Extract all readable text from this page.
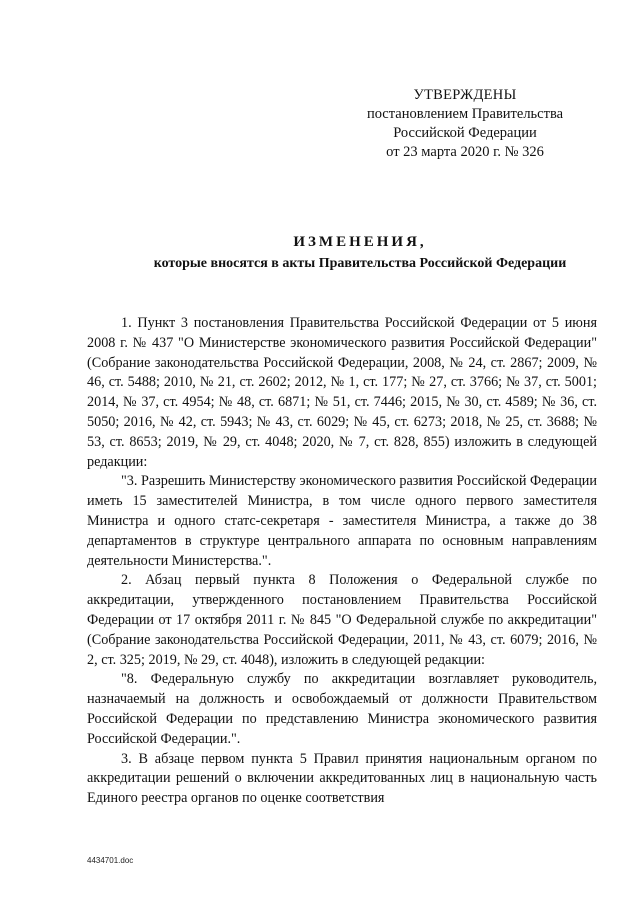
УТВЕРЖДЕНЫ
постановлением Правительства
Российской Федерации
от 23 марта 2020 г. № 326
ИЗМЕНЕНИЯ,
которые вносятся в акты Правительства Российской Федерации

1. Пункт 3 постановления Правительства Российской Федерации от 5 июня 2008 г. № 437 "О Министерстве экономического развития Российской Федерации" (Собрание законодательства Российской Федерации, 2008, № 24, ст. 2867; 2009, № 46, ст. 5488; 2010, № 21, ст. 2602; 2012, № 1, ст. 177; № 27, ст. 3766; № 37, ст. 5001; 2014, № 37, ст. 4954; № 48, ст. 6871; № 51, ст. 7446; 2015, № 30, ст. 4589; № 36, ст. 5050; 2016, № 42, ст. 5943; № 43, ст. 6029; № 45, ст. 6273; 2018, № 25, ст. 3688; № 53, ст. 8653; 2019, № 29, ст. 4048; 2020, № 7, ст. 828, 855) изложить в следующей редакции:

"3. Разрешить Министерству экономического развития Российской Федерации иметь 15 заместителей Министра, в том числе одного первого заместителя Министра и одного статс-секретаря - заместителя Министра, а также до 38 департаментов в структуре центрального аппарата по основным направлениям деятельности Министерства.".

2. Абзац первый пункта 8 Положения о Федеральной службе по аккредитации, утвержденного постановлением Правительства Российской Федерации от 17 октября 2011 г. № 845 "О Федеральной службе по аккредитации" (Собрание законодательства Российской Федерации, 2011, № 43, ст. 6079; 2016, № 2, ст. 325; 2019, № 29, ст. 4048), изложить в следующей редакции:

"8. Федеральную службу по аккредитации возглавляет руководитель, назначаемый на должность и освобождаемый от должности Правительством Российской Федерации по представлению Министра экономического развития Российской Федерации.".

3. В абзаце первом пункта 5 Правил принятия национальным органом по аккредитации решений о включении аккредитованных лиц в национальную часть Единого реестра органов по оценке соответствия

4434701.doc
